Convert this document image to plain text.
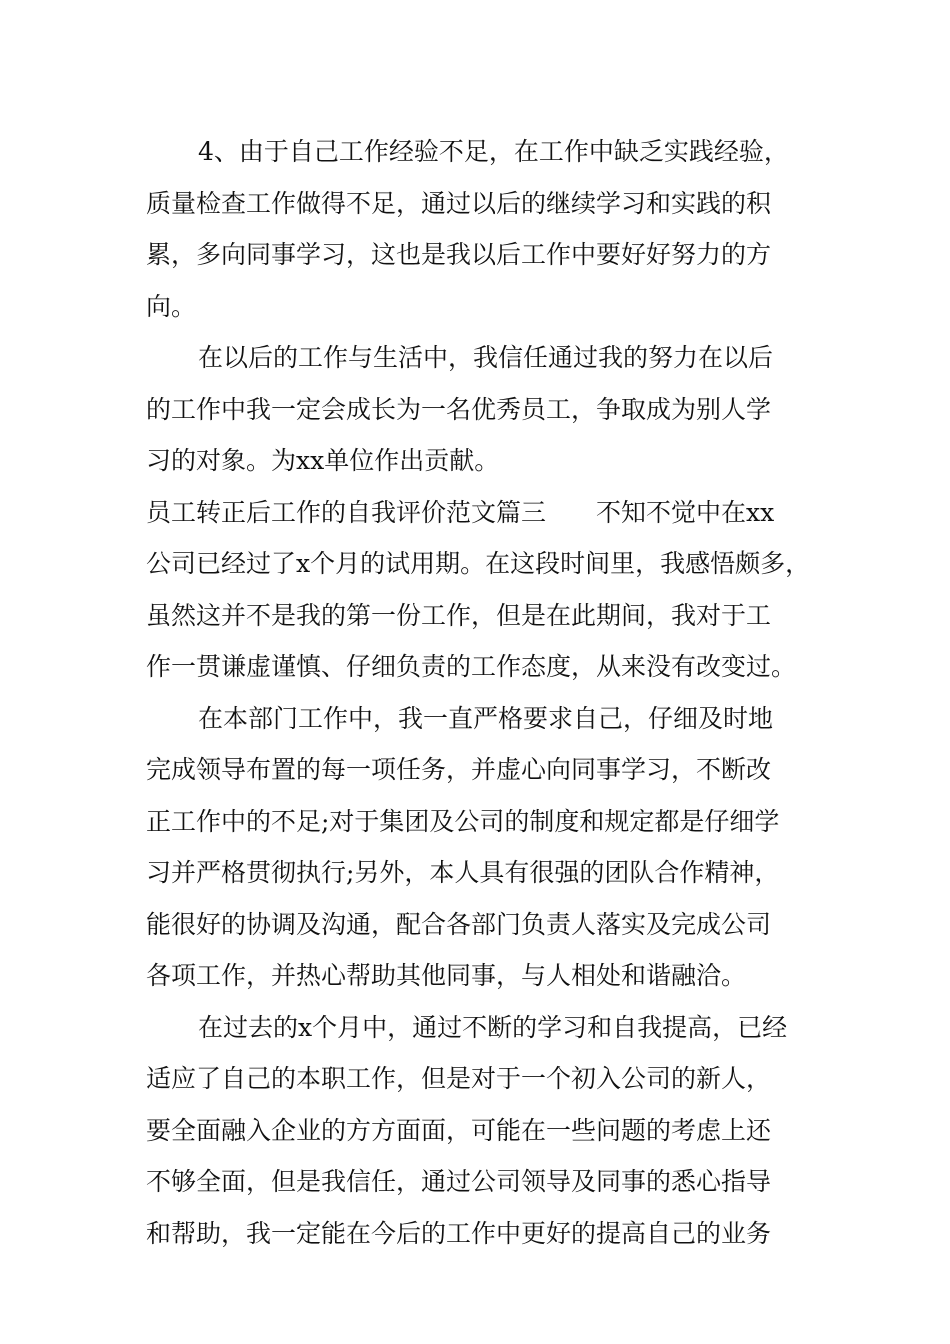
4、由于自己工作经验不足，在工作中缺乏实践经验，
质量检查工作做得不足，通过以后的继续学习和实践的积
累，多向同事学习，这也是我以后工作中要好好努力的方
向。
在以后的工作与生活中，我信任通过我的努力在以后
的工作中我一定会成长为一名优秀员工，争取成为别人学
习的对象。为xx单位作出贡献。
员工转正后工作的自我评价范文篇三　　不知不觉中在xx
公司已经过了x个月的试用期。在这段时间里，我感悟颇多，
虽然这并不是我的第一份工作，但是在此期间，我对于工
作一贯谦虚谨慎、仔细负责的工作态度，从来没有改变过。
在本部门工作中，我一直严格要求自己，仔细及时地
完成领导布置的每一项任务，并虚心向同事学习，不断改
正工作中的不足;对于集团及公司的制度和规定都是仔细学
习并严格贯彻执行;另外，本人具有很强的团队合作精神，
能很好的协调及沟通，配合各部门负责人落实及完成公司
各项工作，并热心帮助其他同事，与人相处和谐融洽。
在过去的x个月中，通过不断的学习和自我提高，已经
适应了自己的本职工作，但是对于一个初入公司的新人，
要全面融入企业的方方面面，可能在一些问题的考虑上还
不够全面，但是我信任，通过公司领导及同事的悉心指导
和帮助，我一定能在今后的工作中更好的提高自己的业务
